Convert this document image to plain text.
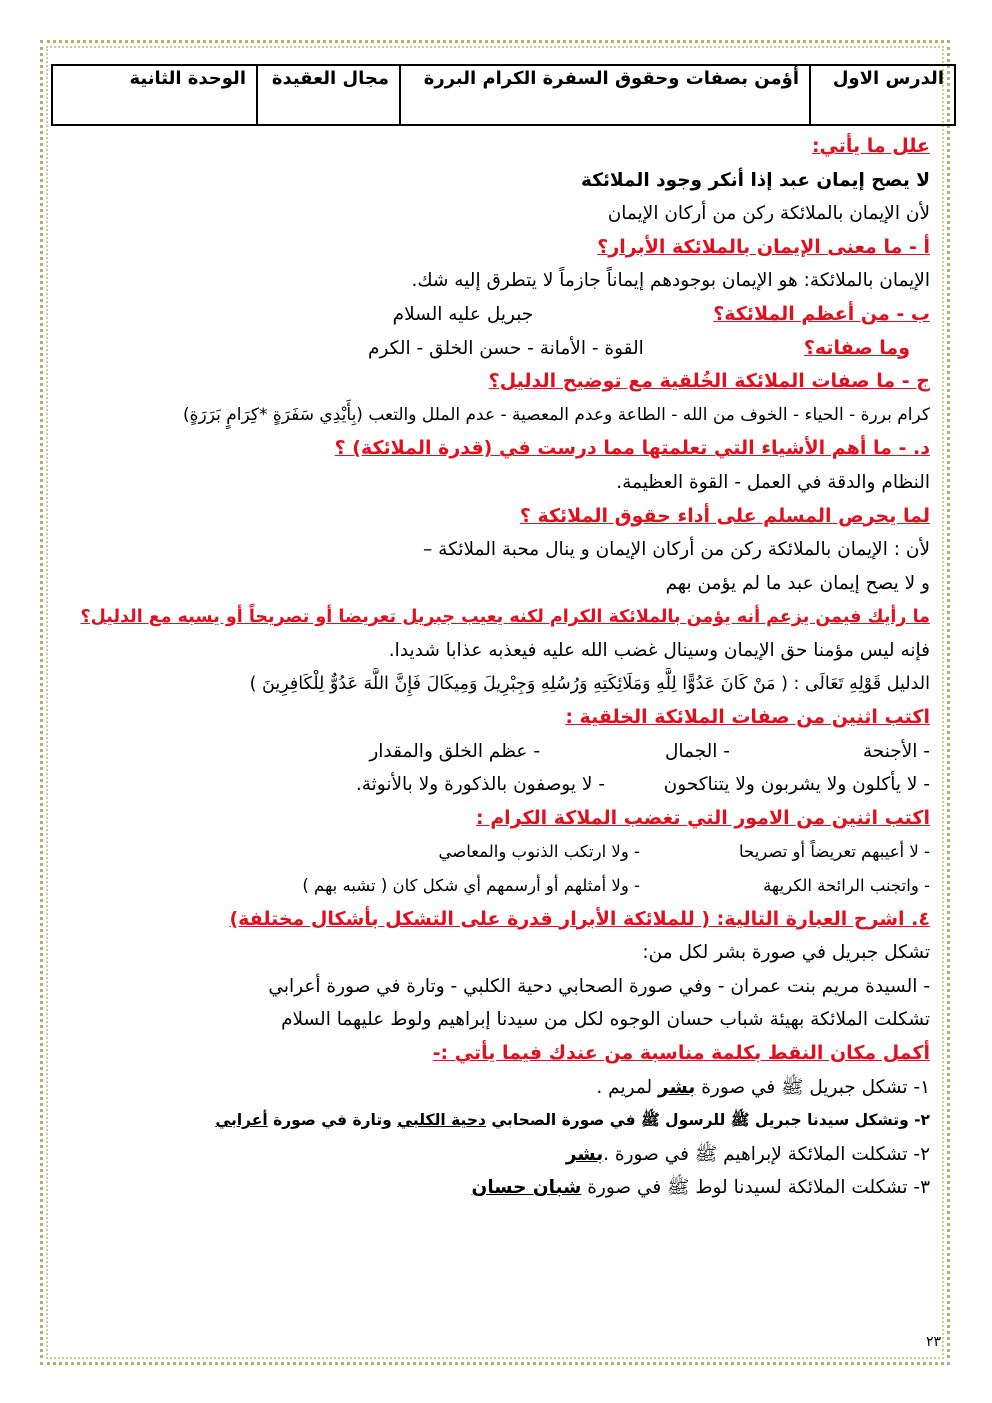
الدرس الاول
أؤمن بصفات وحقوق السفرة الكرام البررة
مجال العقيدة
الوحدة الثانية
علل ما يأتي:
لا يصح إيمان عبد إذا أنكر وجود الملائكة
لأن الإيمان بالملائكة ركن من أركان الإيمان
أ - ما معنى الإيمان بالملائكة الأبرار؟
الإيمان بالملائكة: هو الإيمان بوجودهم إيماناً جازماً لا يتطرق إليه شك.
ب - من أعظم الملائكة؟جبريل عليه السلام
وما صفاته؟القوة - الأمانة - حسن الخلق - الكرم
ج - ما صفات الملائكة الخُلقية مع توضيح الدليل؟
كرام بررة - الحياء - الخوف من الله - الطاعة وعدم المعصية - عدم الملل والتعب (بِأَيْدِي سَفَرَةٍ *كِرَامٍ بَرَرَةٍ)
د. - ما أهم الأشياء التي تعلمتها مما درست في (قدرة الملائكة) ؟
النظام والدقة في العمل - القوة العظيمة.
لما يحرص المسلم على أداء حقوق الملائكة ؟
لأن : الإيمان بالملائكة ركن من أركان الإيمان و ينال محبة الملائكة –
و لا يصح إيمان عبد ما لم يؤمن بهم
ما رأيك فيمن يزعم أنه يؤمن بالملائكة الكرام لكنه يعيب جبريل تعريضا أو تصريحاً أو يسبه مع الدليل؟
فإنه ليس مؤمنا حق الإيمان وسينال غضب الله عليه فيعذبه عذابا شديدا.
الدليل قَوْلِهِ تَعَالَى : ( مَنْ كَانَ عَدُوًّا لِلَّهِ وَمَلَائِكَتِهِ وَرُسُلِهِ وَجِبْرِيلَ وَمِيكَالَ فَإِنَّ اللَّهَ عَدُوٌّ لِلْكَافِرِينَ )
اكتب اثنين من صفات الملائكة الخلقية :
- الأجنحة
- الجمال
- عظم الخلق والمقدار
- لا يأكلون ولا يشربون ولا يتناكحون
- لا يوصفون بالذكورة ولا بالأنوثة.
اكتب اثنين من الامور التي تغضب الملاكة الكرام :
- لا أعيبهم تعريضاً أو تصريحا
- ولا ارتكب الذنوب والمعاصي
- واتجنب الرائحة الكريهة
- ولا أمثلهم أو أرسمهم أي شكل كان ( تشبه بهم )
٤. اشرح العبارة التالية: ( للملائكة الأبرار قدرة على التشكل بأشكال مختلفة)
تشكل جبريل في صورة بشر لكل من:
- السيدة مريم بنت عمران - وفي صورة الصحابي دحية الكلبي - وتارة في صورة أعرابي
تشكلت الملائكة بهيئة شباب حسان الوجوه لكل من سيدنا إبراهيم ولوط عليهما السلام
أكمل مكان النقط بكلمة مناسبة من عندك فيما يأتي :-
١- تشكل جبريل ﷺ في صورة بشر لمريم .
٢- وتشكل سيدنا جبريل ﷺ للرسول ﷺ في صورة الصحابي دحية الكلبي وتارة في صورة أعرابي
٢- تشكلت الملائكة لإبراهيم ﷺ في صورة .بشر
٣- تشكلت الملائكة لسيدنا لوط ﷺ في صورة شبان حسان
٢٣
